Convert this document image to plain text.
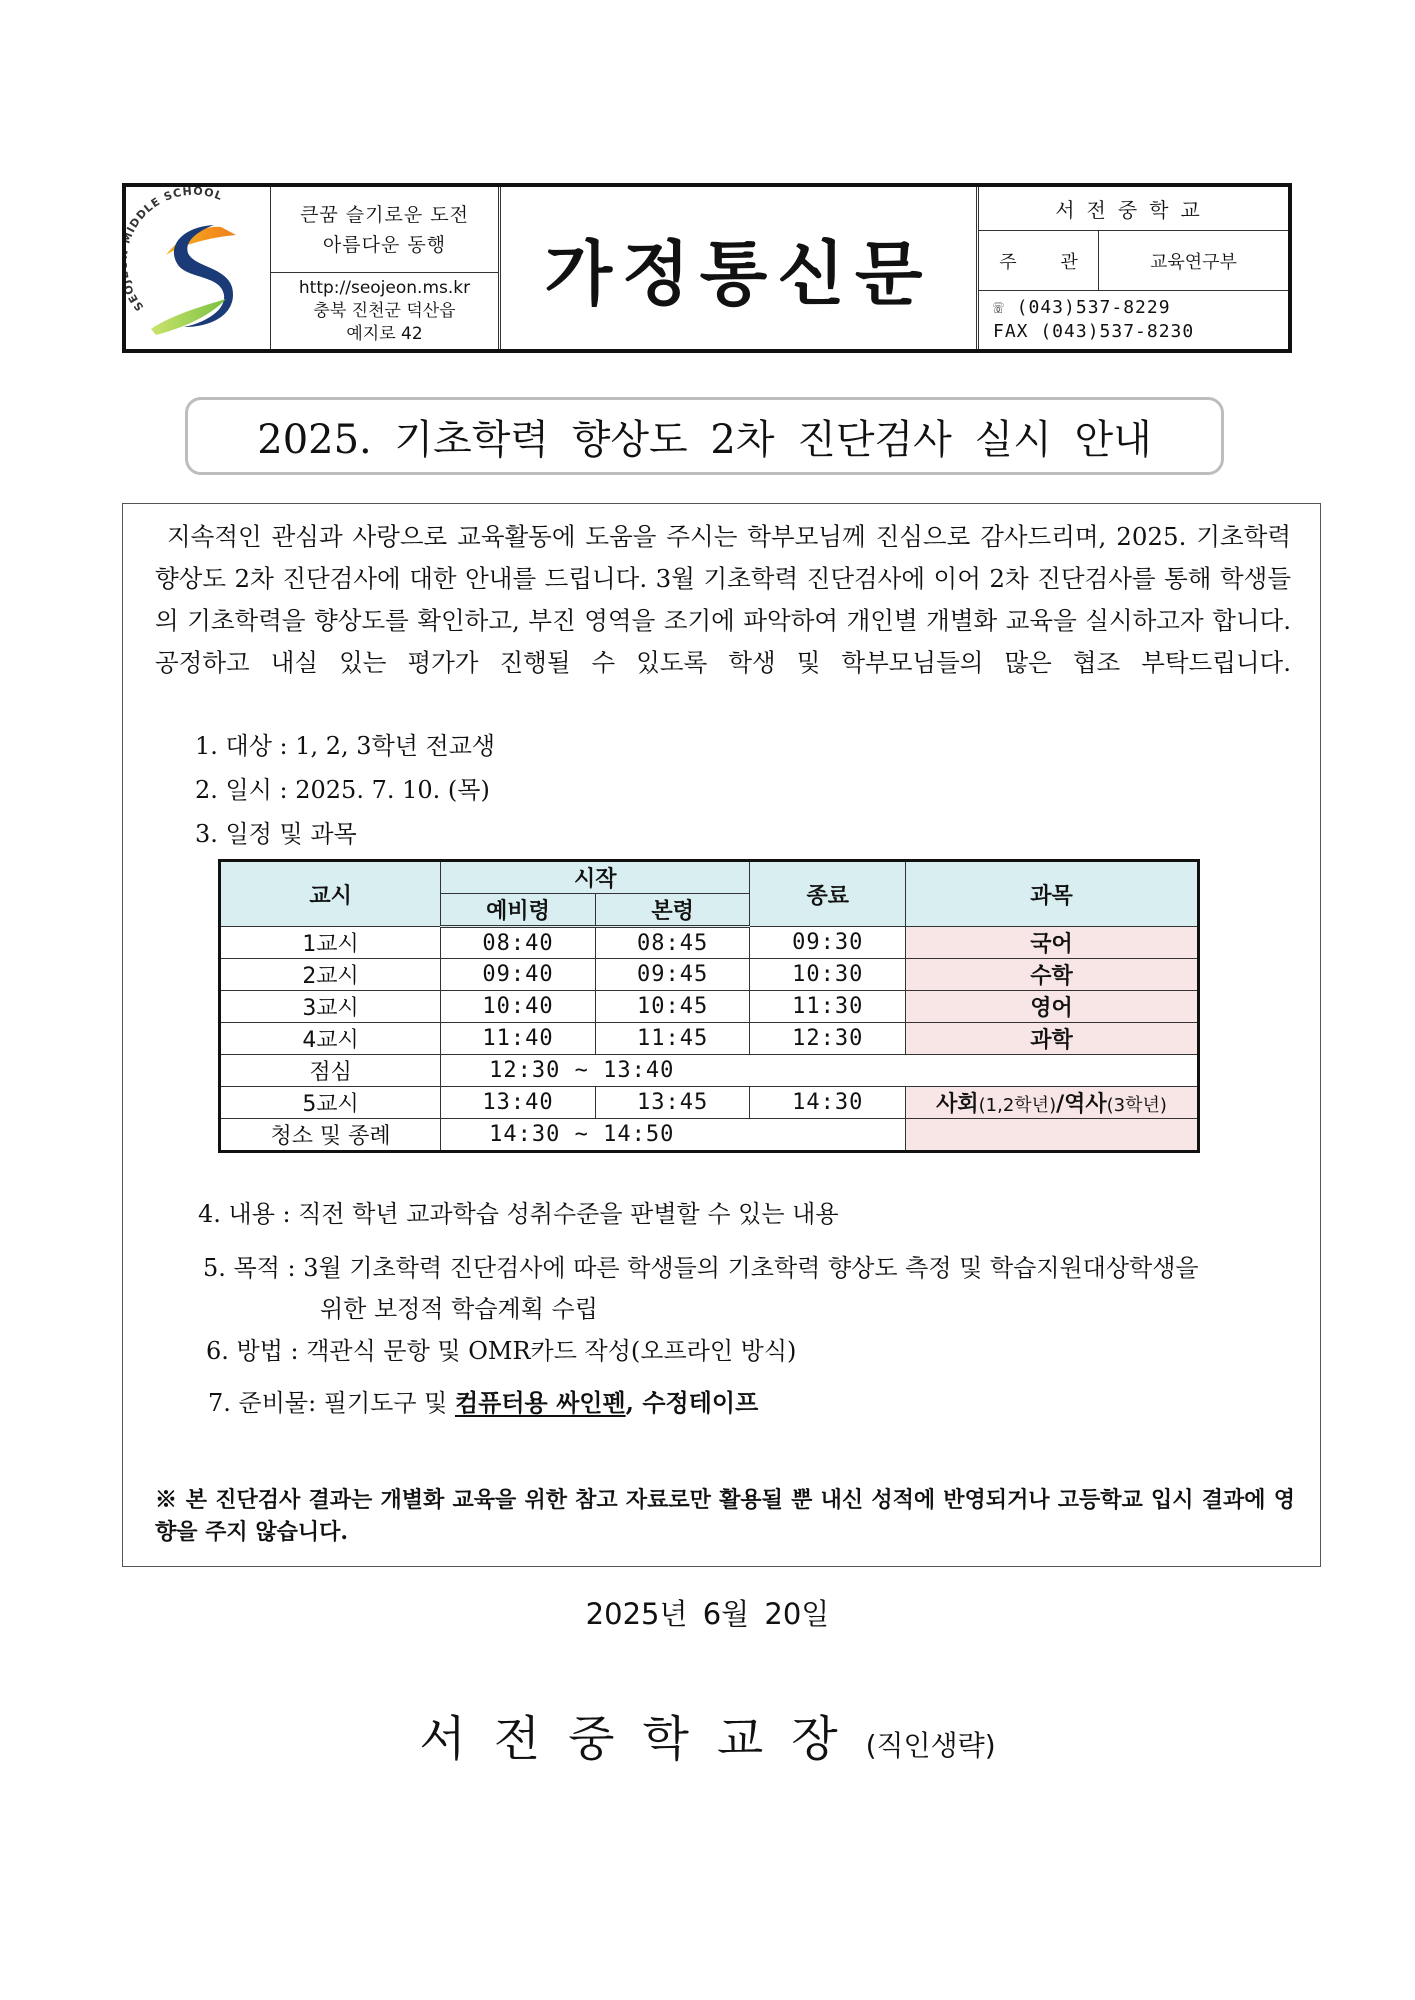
SE DDLE SCHOOL
큰꿈 슬기로운 도전
아름다운 동행
http://seojeon.ms.kr
충북 진천군 덕산읍
예지로 42
가정통신문
서전중학교
주 관	교육연구부
☏ (043)537-8229
FAX (043)537-8230
2025. 기초학력 향상도 2차 진단검사 실시 안내

지속적인 관심과 사랑으로 교육활동에 도움을 주시는 학부모님께 진심으로 감사드리며, 2025. 기초학력 향상도 2차 진단검사에 대한 안내를 드립니다. 3월 기초학력 진단검사에 이어 2차 진단검사를 통해 학생들의 기초학력을 향상도를 확인하고, 부진 영역을 조기에 파악하여 개인별 개별화 교육을 실시하고자 합니다. 공정하고 내실 있는 평가가 진행될 수 있도록 학생 및 학부모님들의 많은 협조 부탁드립니다.

1. 대상 : 1, 2, 3학년 전교생
2. 일시 : 2025. 7. 10. (목)
3. 일정 및 과목
교시	시작		종료	과목
	예비령	본령		
1교시	08:40	08:45	09:30	국어
2교시	09:40	09:45	10:30	수학
3교시	10:40	10:45	11:30	영어
4교시	11:40	11:45	12:30	과학
점심	12:30 ~ 13:40			
5교시	13:40	13:45	14:30	사회(1,2학년)/역사(3학년)
청소 및 종례	14:30 ~ 14:50			
4. 내용 : 직전 학년 교과학습 성취수준을 판별할 수 있는 내용
5. 목적 : 3월 기초학력 진단검사에 따른 학생들의 기초학력 향상도 측정 및 학습지원대상학생을
위한 보정적 학습계획 수립
6. 방법 : 객관식 문항 및 OMR카드 작성(오프라인 방식)
7. 준비물: 필기도구 및 컴퓨터용 싸인펜, 수정테이프
※ 본 진단검사 결과는 개별화 교육을 위한 참고 자료로만 활용될 뿐 내신 성적에 반영되거나 고등학교 입시 결과에 영향을 주지 않습니다.
2025년 6월 20일
서전중학교장(직인생략)
